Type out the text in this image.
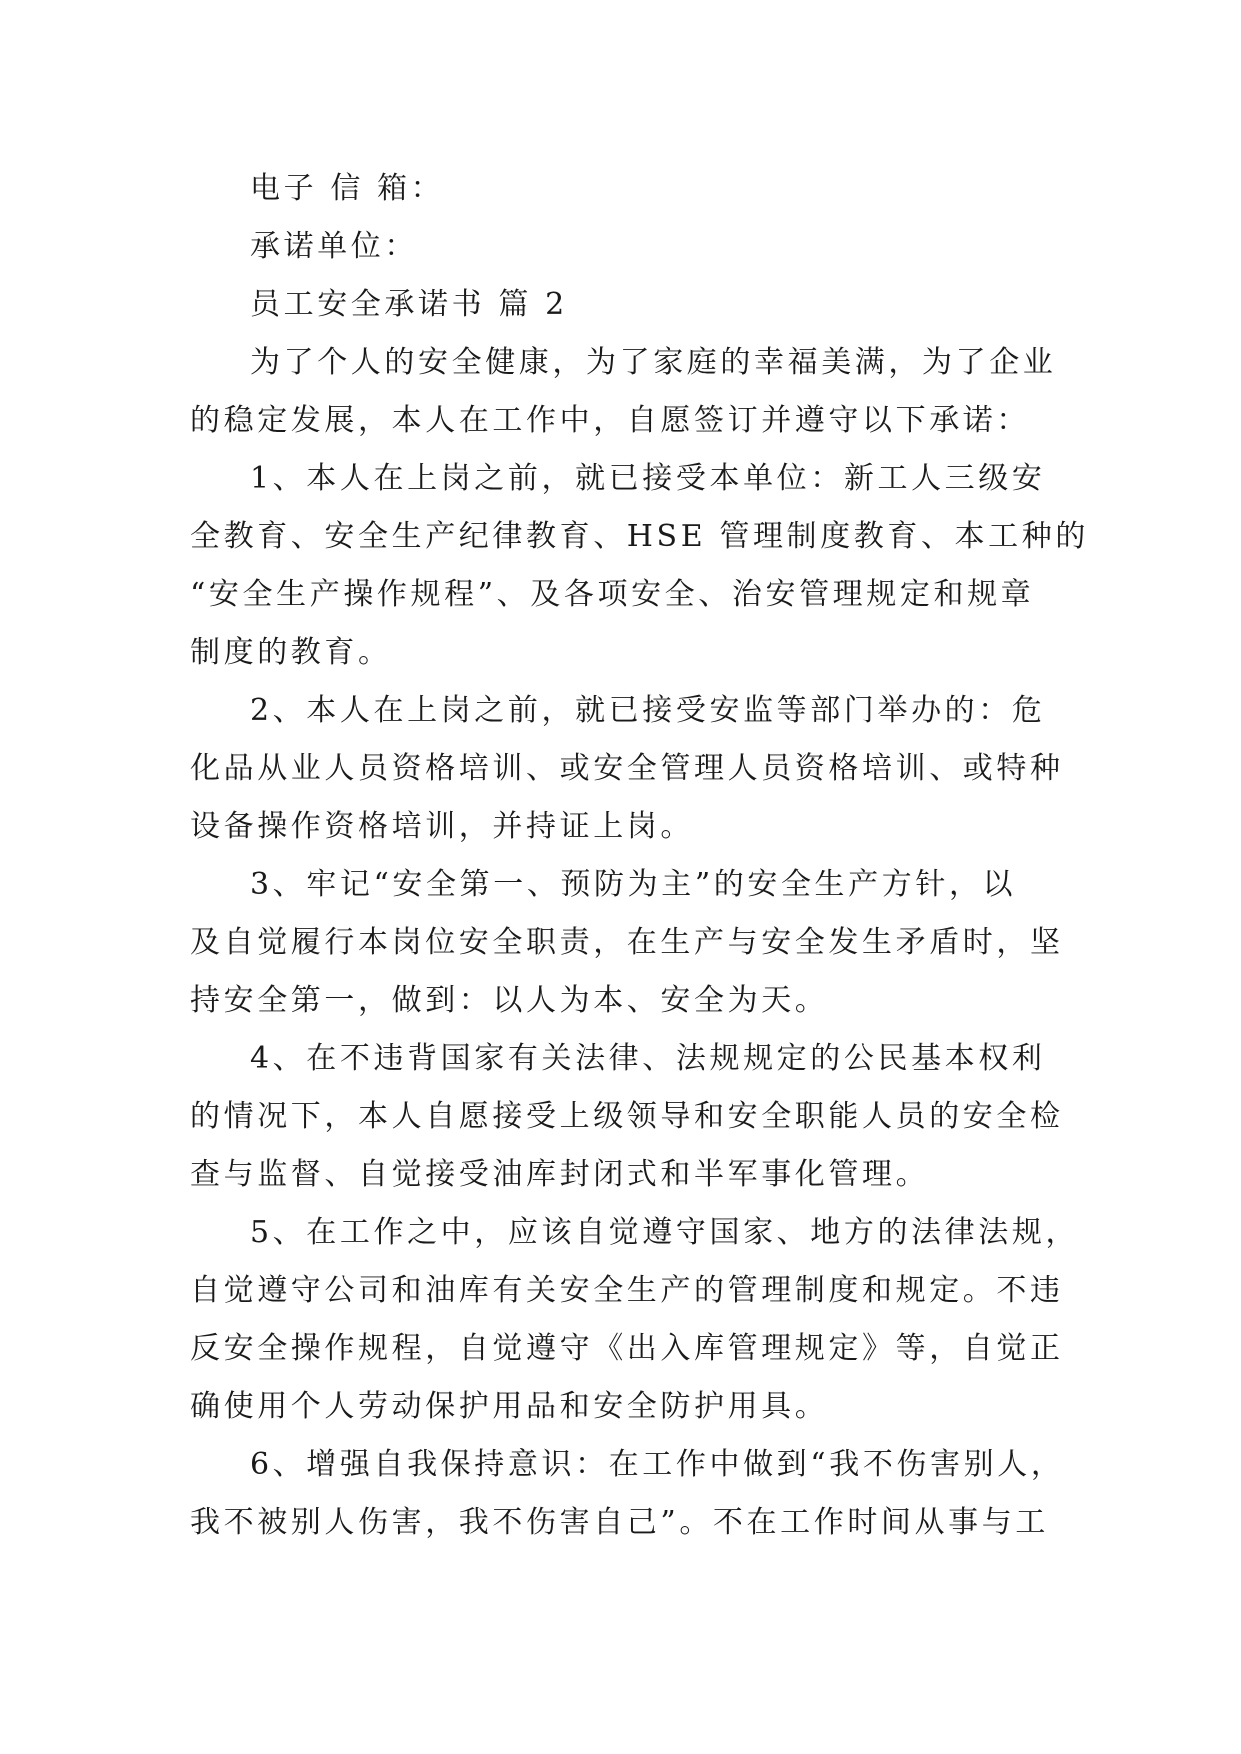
电子 信 箱：
承诺单位：
员工安全承诺书 篇 2
为了个人的安全健康，为了家庭的幸福美满，为了企业
的稳定发展，本人在工作中，自愿签订并遵守以下承诺：
1、本人在上岗之前，就已接受本单位：新工人三级安
全教育、安全生产纪律教育、HSE 管理制度教育、本工种的
“安全生产操作规程”、及各项安全、治安管理规定和规章
制度的教育。
2、本人在上岗之前，就已接受安监等部门举办的：危
化品从业人员资格培训、或安全管理人员资格培训、或特种
设备操作资格培训，并持证上岗。
3、牢记“安全第一、预防为主”的安全生产方针，以
及自觉履行本岗位安全职责，在生产与安全发生矛盾时，坚
持安全第一，做到：以人为本、安全为天。
4、在不违背国家有关法律、法规规定的公民基本权利
的情况下，本人自愿接受上级领导和安全职能人员的安全检
查与监督、自觉接受油库封闭式和半军事化管理。
5、在工作之中，应该自觉遵守国家、地方的法律法规，
自觉遵守公司和油库有关安全生产的管理制度和规定。不违
反安全操作规程，自觉遵守《出入库管理规定》等，自觉正
确使用个人劳动保护用品和安全防护用具。
6、增强自我保持意识：在工作中做到“我不伤害别人，
我不被别人伤害，我不伤害自己”。不在工作时间从事与工
